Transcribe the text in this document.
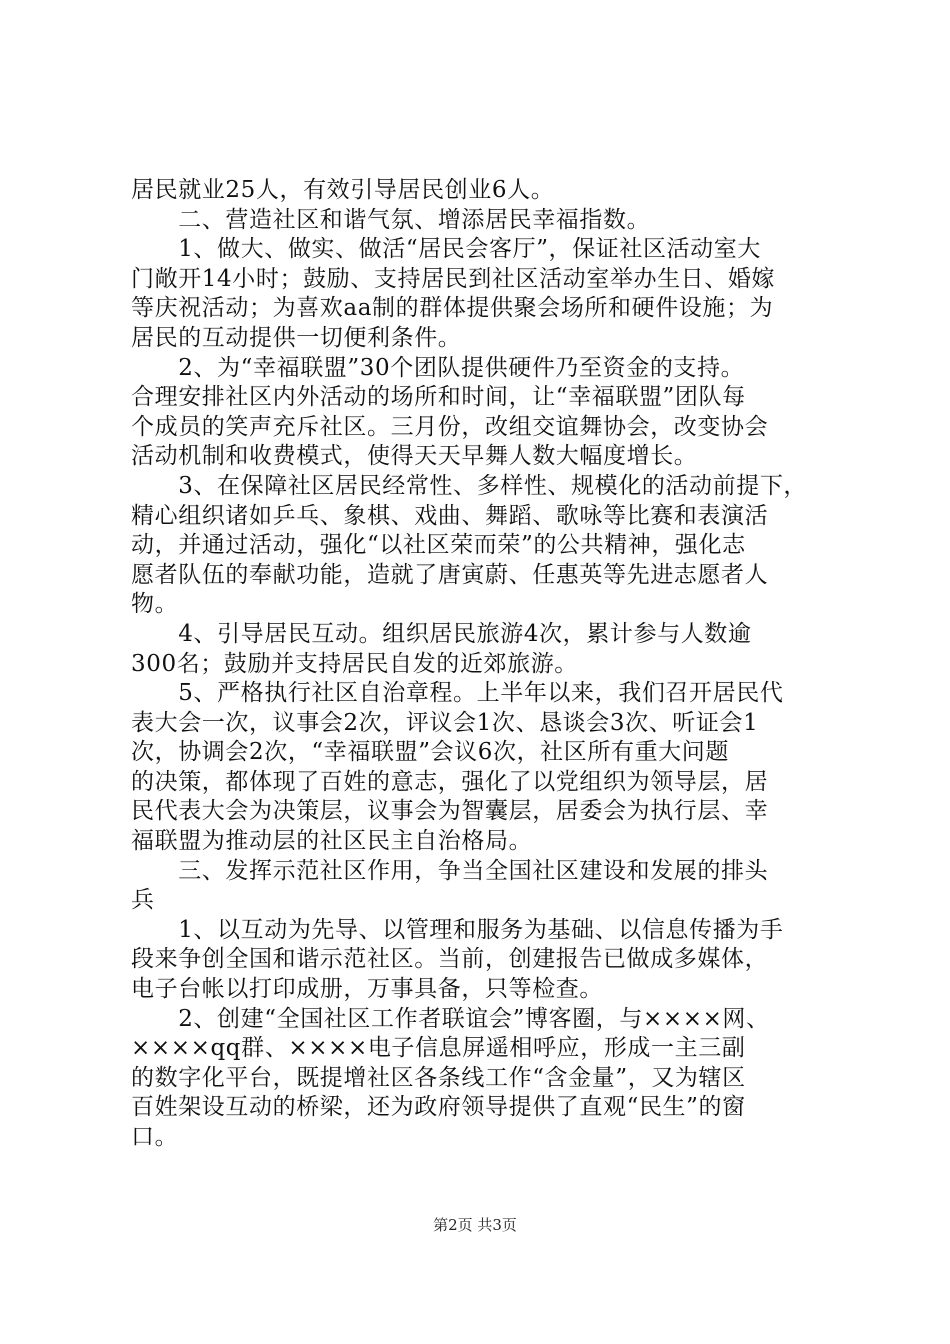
居民就业25人，有效引导居民创业6人。
　　二、营造社区和谐气氛、增添居民幸福指数。
　　1、做大、做实、做活“居民会客厅”，保证社区活动室大
门敞开14小时；鼓励、支持居民到社区活动室举办生日、婚嫁
等庆祝活动；为喜欢aa制的群体提供聚会场所和硬件设施；为
居民的互动提供一切便利条件。
　　2、为“幸福联盟”30个团队提供硬件乃至资金的支持。
合理安排社区内外活动的场所和时间，让“幸福联盟”团队每
个成员的笑声充斥社区。三月份，改组交谊舞协会，改变协会
活动机制和收费模式，使得天天早舞人数大幅度增长。
　　3、在保障社区居民经常性、多样性、规模化的活动前提下，
精心组织诸如乒乓、象棋、戏曲、舞蹈、歌咏等比赛和表演活
动，并通过活动，强化“以社区荣而荣”的公共精神，强化志
愿者队伍的奉献功能，造就了唐寅蔚、任惠英等先进志愿者人
物。
　　4、引导居民互动。组织居民旅游4次，累计参与人数逾
300名；鼓励并支持居民自发的近郊旅游。
　　5、严格执行社区自治章程。上半年以来，我们召开居民代
表大会一次，议事会2次，评议会1次、恳谈会3次、听证会1
次，协调会2次，“幸福联盟”会议6次，社区所有重大问题
的决策，都体现了百姓的意志，强化了以党组织为领导层，居
民代表大会为决策层，议事会为智囊层，居委会为执行层、幸
福联盟为推动层的社区民主自治格局。
　　三、发挥示范社区作用，争当全国社区建设和发展的排头
兵
　　1、以互动为先导、以管理和服务为基础、以信息传播为手
段来争创全国和谐示范社区。当前，创建报告已做成多媒体，
电子台帐以打印成册，万事具备，只等检查。
　　2、创建“全国社区工作者联谊会”博客圈，与××××网、
××××qq群、××××电子信息屏遥相呼应，形成一主三副
的数字化平台，既提增社区各条线工作“含金量”，又为辖区
百姓架设互动的桥梁，还为政府领导提供了直观“民生”的窗
口。
第2页 共3页
